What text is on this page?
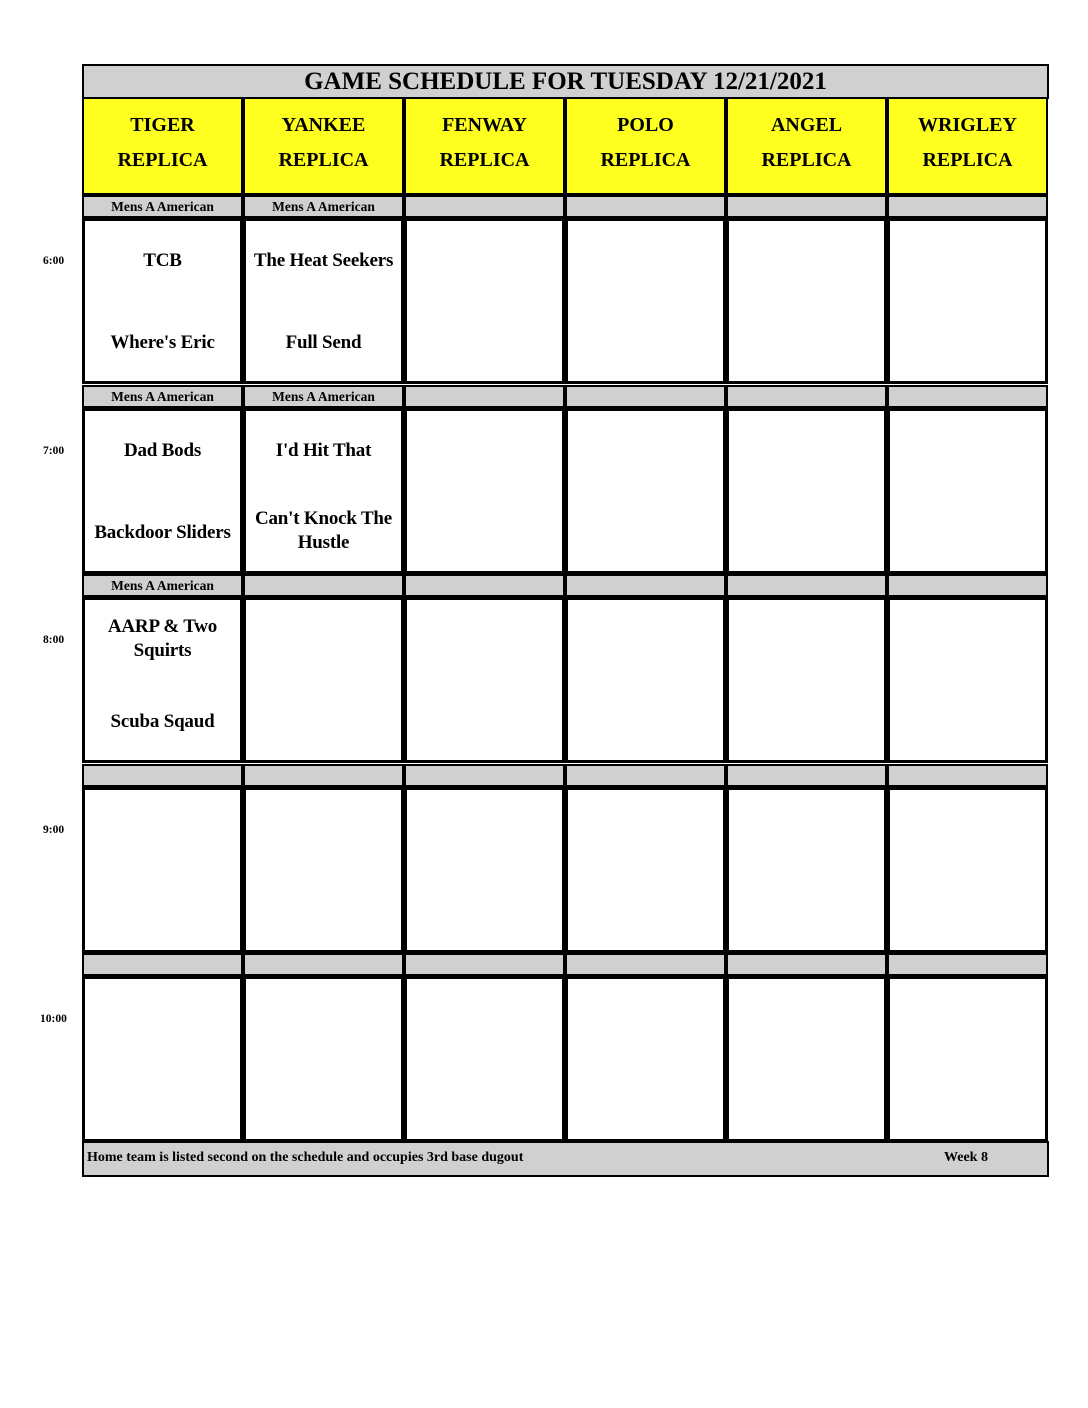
GAME SCHEDULE FOR TUESDAY 12/21/2021
TIGER
REPLICA
YANKEE
REPLICA
FENWAY
REPLICA
POLO
REPLICA
ANGEL
REPLICA
WRIGLEY
REPLICA
Mens A American
TCB
Where's Eric
Mens A American
The Heat Seekers
Full Send
Mens A American
Dad Bods
Backdoor Sliders
Mens A American
I'd Hit That
Can't Knock The Hustle
Mens A American
AARP & Two Squirts
Scuba Sqaud
Home team is listed second on the schedule and occupies 3rd base dugout	Week 8
6:00
7:00
8:00
9:00
10:00
